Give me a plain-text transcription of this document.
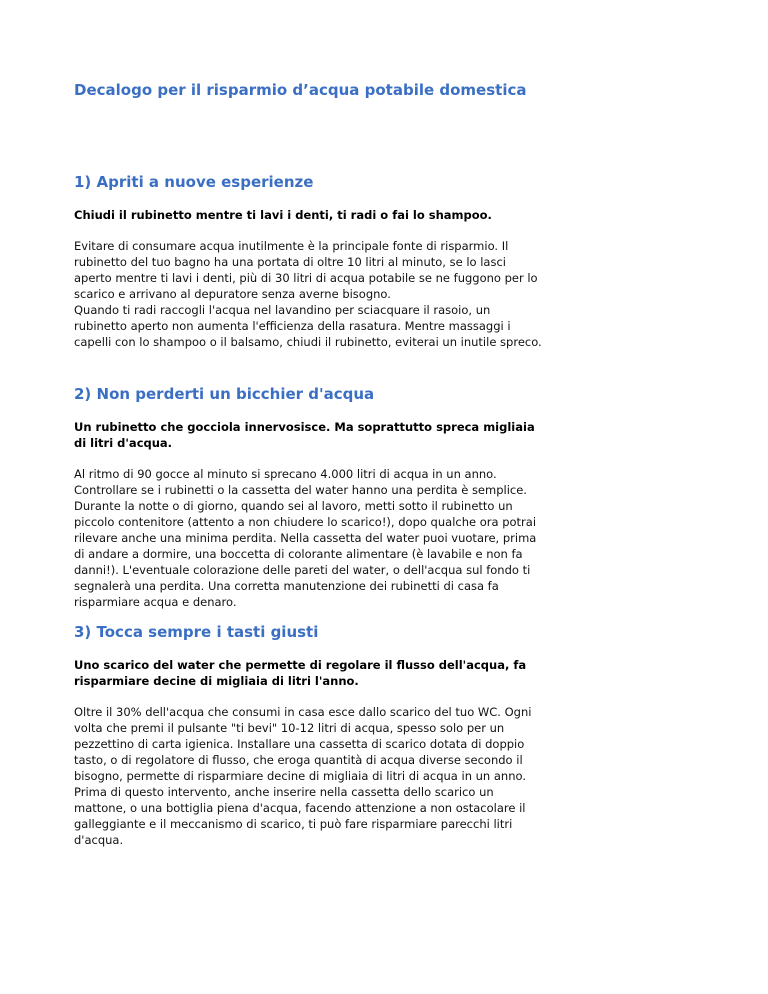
Decalogo per il risparmio d’acqua potabile domestica
1) Apriti a nuove esperienze

Chiudi il rubinetto mentre ti lavi i denti, ti radi o fai lo shampoo.

Evitare di consumare acqua inutilmente è la principale fonte di risparmio. Il rubinetto del tuo bagno ha una portata di oltre 10 litri al minuto, se lo lasci aperto mentre ti lavi i denti, più di 30 litri di acqua potabile se ne fuggono per lo scarico e arrivano al depuratore senza averne bisogno.
Quando ti radi raccogli l'acqua nel lavandino per sciacquare il rasoio, un rubinetto aperto non aumenta l'efficienza della rasatura. Mentre massaggi i capelli con lo shampoo o il balsamo, chiudi il rubinetto, eviterai un inutile spreco.

2) Non perderti un bicchier d'acqua

Un rubinetto che gocciola innervosisce. Ma soprattutto spreca migliaia di litri d'acqua.

Al ritmo di 90 gocce al minuto si sprecano 4.000 litri di acqua in un anno. Controllare se i rubinetti o la cassetta del water hanno una perdita è semplice. Durante la notte o di giorno, quando sei al lavoro, metti sotto il rubinetto un piccolo contenitore (attento a non chiudere lo scarico!), dopo qualche ora potrai rilevare anche una minima perdita. Nella cassetta del water puoi vuotare, prima di andare a dormire, una boccetta di colorante alimentare (è lavabile e non fa danni!). L'eventuale colorazione delle pareti del water, o dell'acqua sul fondo ti segnalerà una perdita. Una corretta manutenzione dei rubinetti di casa fa risparmiare acqua e denaro.

3) Tocca sempre i tasti giusti

Uno scarico del water che permette di regolare il flusso dell'acqua, fa risparmiare decine di migliaia di litri l'anno.

Oltre il 30% dell'acqua che consumi in casa esce dallo scarico del tuo WC. Ogni volta che premi il pulsante "ti bevi" 10-12 litri di acqua, spesso solo per un pezzettino di carta igienica. Installare una cassetta di scarico dotata di doppio tasto, o di regolatore di flusso, che eroga quantità di acqua diverse secondo il bisogno, permette di risparmiare decine di migliaia di litri di acqua in un anno. Prima di questo intervento, anche inserire nella cassetta dello scarico un mattone, o una bottiglia piena d'acqua, facendo attenzione a non ostacolare il galleggiante e il meccanismo di scarico, ti può fare risparmiare parecchi litri d'acqua.
